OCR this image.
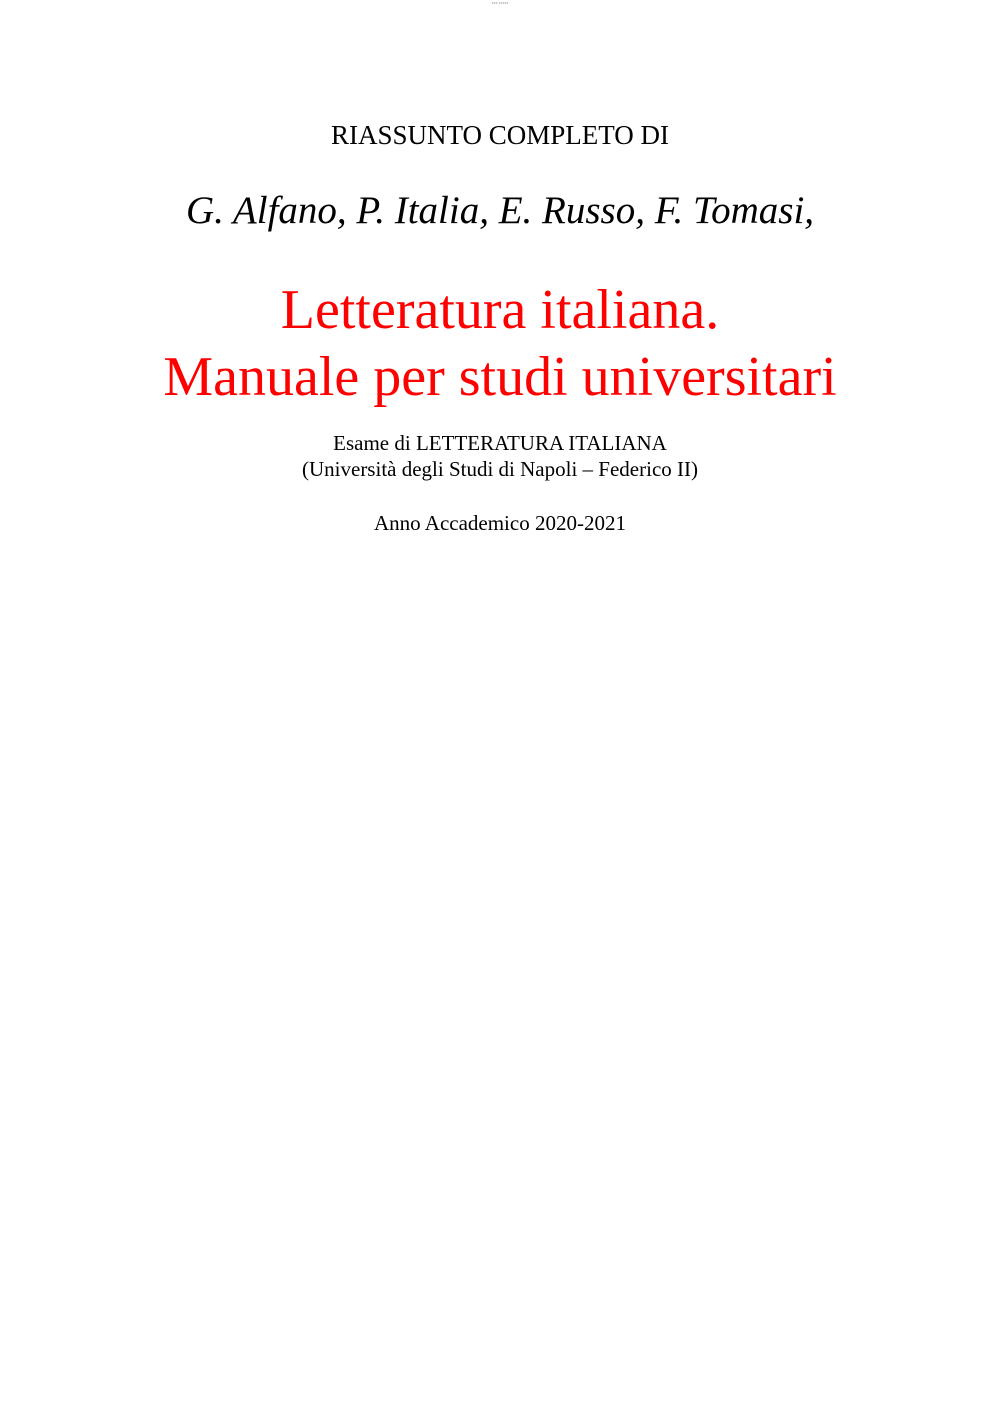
xxx xxxxx
RIASSUNTO COMPLETO DI
G. Alfano, P. Italia, E. Russo, F. Tomasi,
Letteratura italiana.
Manuale per studi universitari
Esame di LETTERATURA ITALIANA
(Università degli Studi di Napoli – Federico II)
Anno Accademico 2020-2021
